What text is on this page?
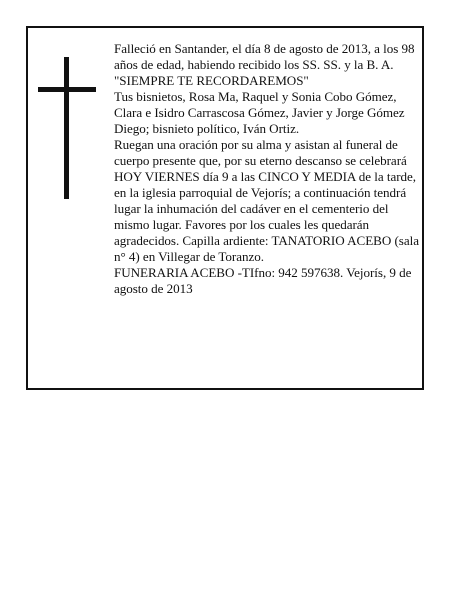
Falleció en Santander, el día 8 de agosto de 2013, a los 98 años de edad, habiendo recibido los SS. SS. y la B. A.

"SIEMPRE TE RECORDAREMOS"

Tus bisnietos, Rosa Ma, Raquel y Sonia Cobo Gómez, Clara e Isidro Carrascosa Gómez, Javier y Jorge Gómez Diego; bisnieto político, Iván Ortiz.

Ruegan una oración por su alma y asistan al funeral de cuerpo presente que, por su eterno descanso se celebrará HOY VIERNES día 9 a las CINCO Y MEDIA de la tarde, en la iglesia parroquial de Vejorís; a continuación tendrá lugar la inhumación del cadáver en el cementerio del mismo lugar. Favores por los cuales les quedarán agradecidos. Capilla ardiente: TANATORIO ACEBO (sala n° 4) en Villegar de Toranzo.

FUNERARIA ACEBO -TIfno: 942 597638. Vejorís, 9 de agosto de 2013
